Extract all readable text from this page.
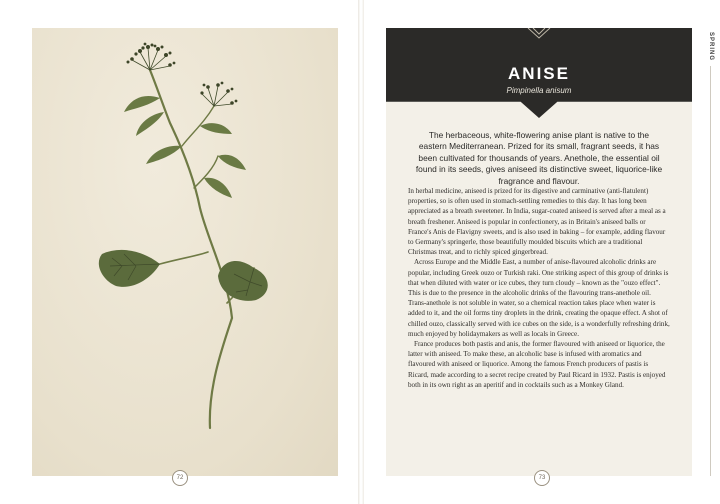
72
ANISE
Pimpinella anisum
The herbaceous, white-flowering anise plant is native to the eastern Mediterranean. Prized for its small, fragrant seeds, it has been cultivated for thousands of years. Anethole, the essential oil found in its seeds, gives aniseed its distinctive sweet, liquorice-like fragrance and flavour.

In herbal medicine, aniseed is prized for its digestive and carminative (anti-flatulent) properties, so is often used in stomach-settling remedies to this day. It has long been appreciated as a breath sweetener. In India, sugar-coated aniseed is served after a meal as a breath freshener. Aniseed is popular in confectionery, as in Britain's aniseed balls or France's Anis de Flavigny sweets, and is also used in baking – for example, adding flavour to Germany's springerle, those beautifully moulded biscuits which are a traditional Christmas treat, and to richly spiced gingerbread.

Across Europe and the Middle East, a number of anise-flavoured alcoholic drinks are popular, including Greek ouzo or Turkish raki. One striking aspect of this group of drinks is that when diluted with water or ice cubes, they turn cloudy – known as the "ouzo effect". This is due to the presence in the alcoholic drinks of the flavouring trans-anethole oil. Trans-anethole is not soluble in water, so a chemical reaction takes place when water is added to it, and the oil forms tiny droplets in the drink, creating the opaque effect. A shot of chilled ouzo, classically served with ice cubes on the side, is a wonderfully refreshing drink, much enjoyed by holidaymakers as well as locals in Greece.

France produces both pastis and anis, the former flavoured with aniseed or liquorice, the latter with aniseed. To make these, an alcoholic base is infused with aromatics and flavoured with aniseed or liquorice. Among the famous French producers of pastis is Ricard, made according to a secret recipe created by Paul Ricard in 1932. Pastis is enjoyed both in its own right as an aperitif and in cocktails such as a Monkey Gland.

SPRING
73
